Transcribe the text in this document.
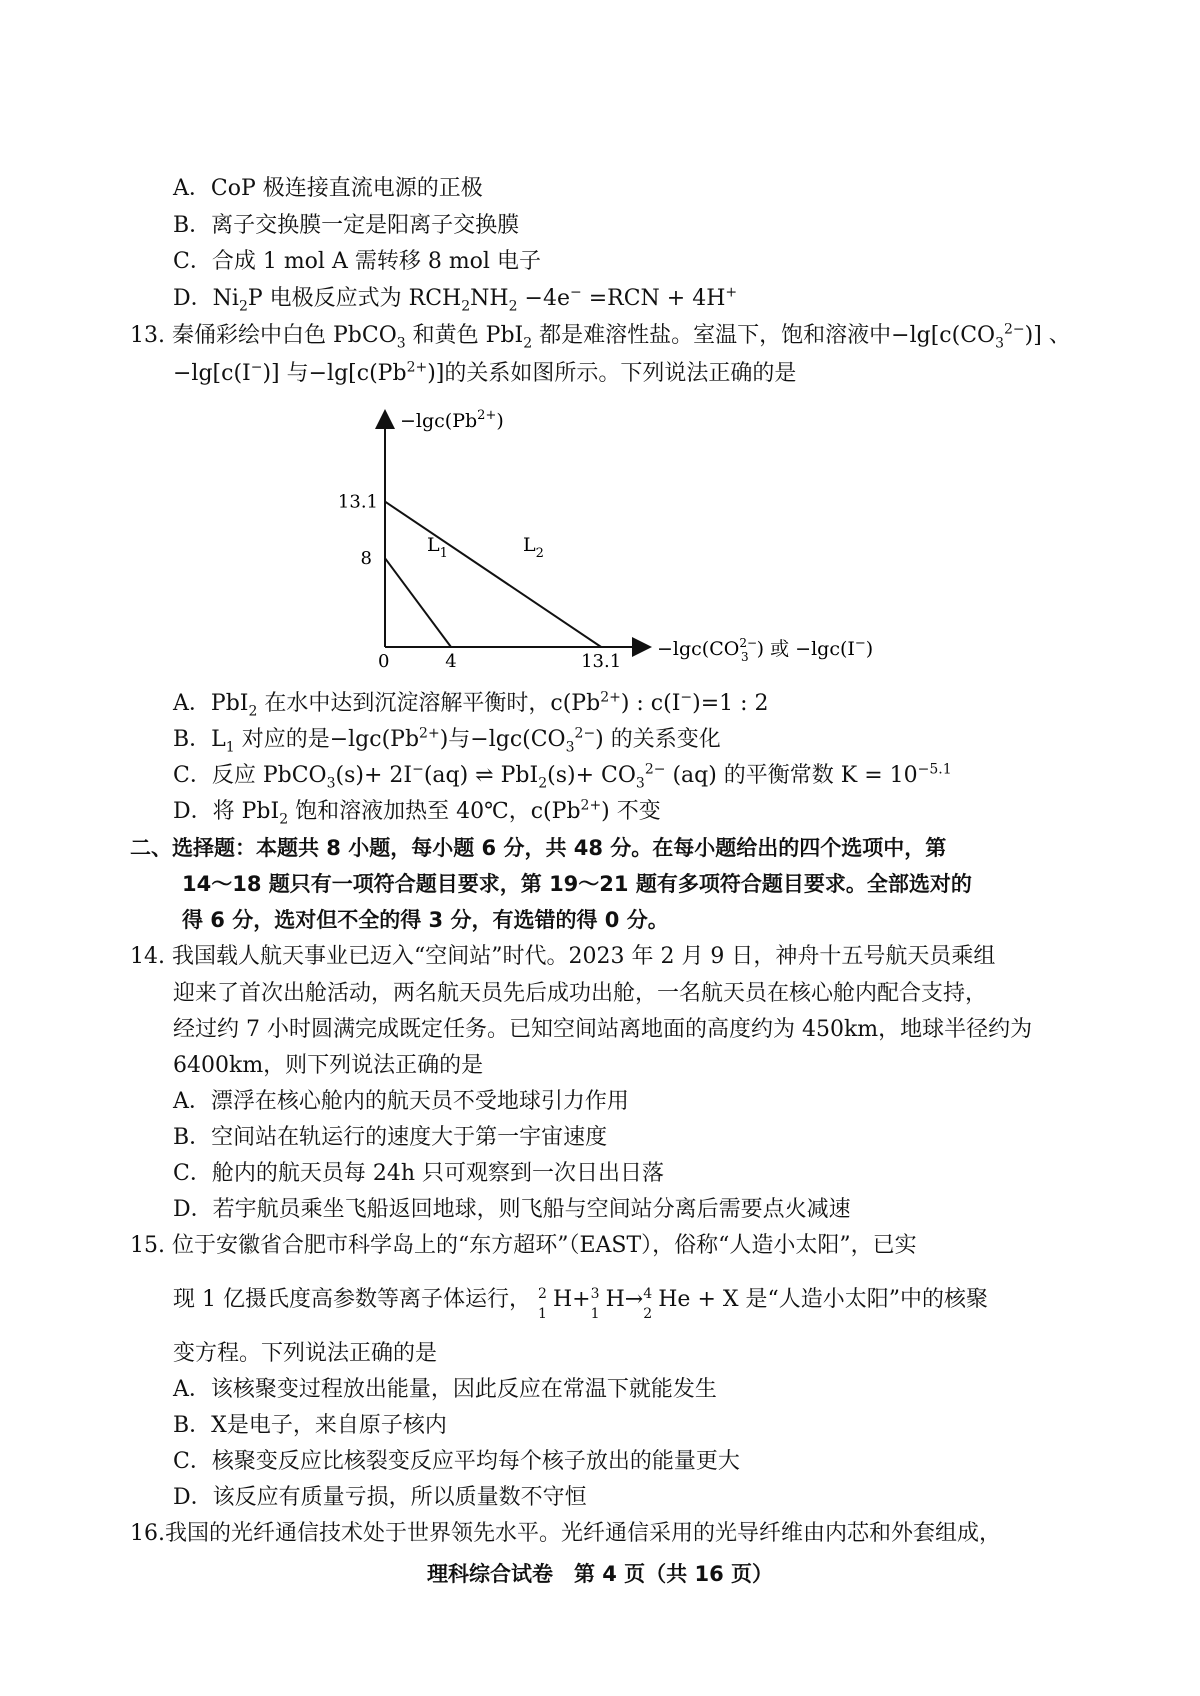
A．CoP 极连接直流电源的正极
B．离子交换膜一定是阳离子交换膜
C．合成 1 mol A 需转移 8 mol 电子
D．$Ni_2P$ 电极反应式为 $RCH_2NH_2 -4e^- =RCN + 4H^+$
13. 秦俑彩绘中白色 PbCO$_3$ 和黄色 PbI$_2$ 都是难溶性盐。室温下，饱和溶液中$-\lg[c(CO_3^{2-})]$ 、
−lg[c(I−)] 与$-\lg[c(Pb^{2+})]$的关系如图所示。下列说法正确的是
0	4	13.1
8
13.1
$-\lg c(Pb^{2+})$
$-\lg c(CO^{2-}$ 3 ) 或 −lgc(I−)
$L_1$	$L_2$
A．PbI$_2$ 在水中达到沉淀溶解平衡时，$c(Pb^{2+})$ : c(I−)=1 : 2
B．$L_1$ 对应的是$-\lg c(Pb^{2+})$与$-\lg c(CO_3^{2-})$ 的关系变化
C．反应 PbCO$_3$(s)+ 2I−(aq) ⇌ $PbI_2(s)+ CO_3^{2-}$ (aq) 的平衡常数 $K = 10^{-5.1}$
D．将 PbI$_2$ 饱和溶液加热至 40℃，$c(Pb^{2+})$ 不变
二、选择题：本题共 8 小题，每小题 6 分，共 48 分。在每小题给出的四个选项中，第
14～18 题只有一项符合题目要求，第 19～21 题有多项符合题目要求。全部选对的
得 6 分，选对但不全的得 3 分，有选错的得 0 分。
14. 我国载人航天事业已迈入“空间站”时代。2023 年 2 月 9 日，神舟十五号航天员乘组
迎来了首次出舱活动，两名航天员先后成功出舱，一名航天员在核心舱内配合支持，
经过约 7 小时圆满完成既定任务。已知空间站离地面的高度约为 450km，地球半径约为
6400km，则下列说法正确的是
A．漂浮在核心舱内的航天员不受地球引力作用
B．空间站在轨运行的速度大于第一宇宙速度
C．舱内的航天员每 24h 只可观察到一次日出日落
D．若宇航员乘坐飞船返回地球，则飞船与空间站分离后需要点火减速
15. 位于安徽省合肥市科学岛上的“东方超环”（EAST），俗称“人造小太阳”，已实
现 1 亿摄氏度高参数等离子体运行， 2
1
H+ 3
1
H→ 4
2
He + X 是“人造小太阳”中的核聚
变方程。下列说法正确的是
A．该核聚变过程放出能量，因此反应在常温下就能发生
B．X是电子，来自原子核内
C．核聚变反应比核裂变反应平均每个核子放出的能量更大
D．该反应有质量亏损，所以质量数不守恒
16.我国的光纤通信技术处于世界领先水平。光纤通信采用的光导纤维由内芯和外套组成，
理科综合试卷　第 4 页（共 16 页）
